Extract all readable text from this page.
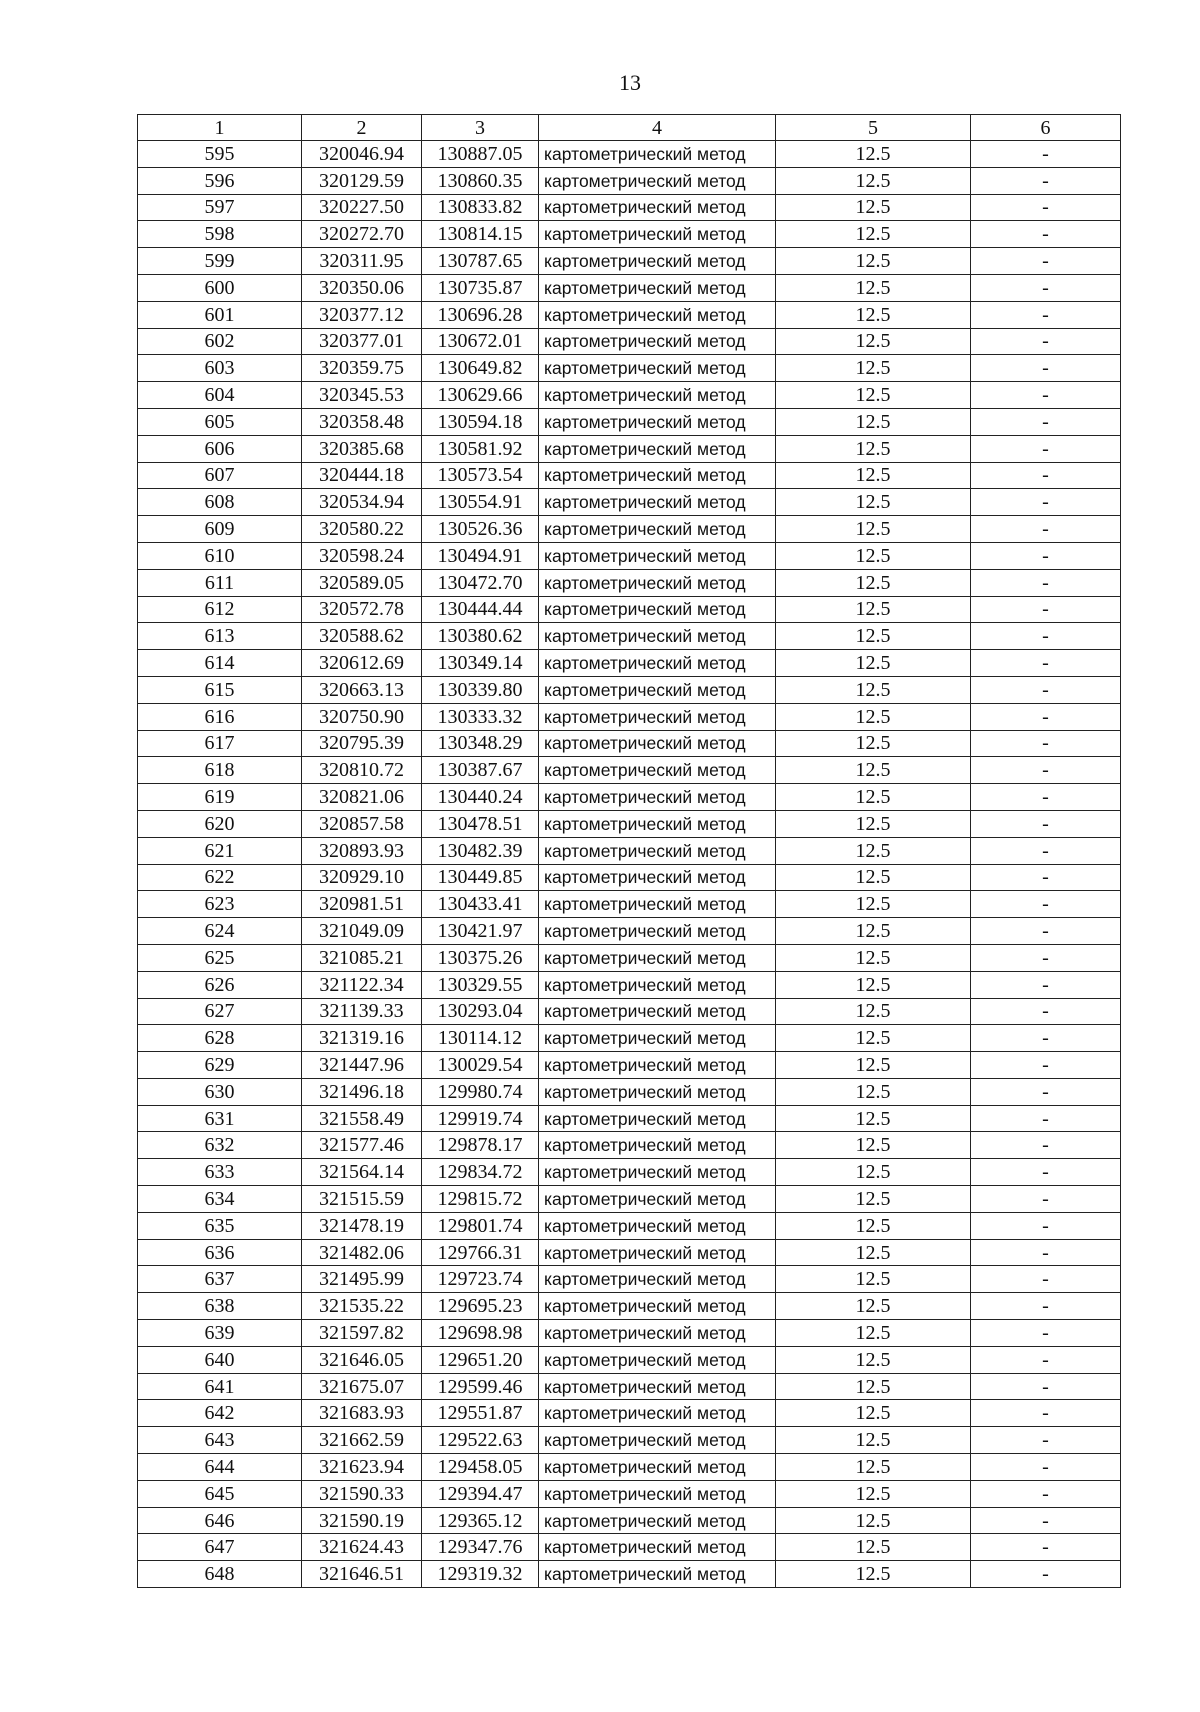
13
1	2	3	4	5	6
595	320046.94	130887.05	картометрический метод	12.5	-
596	320129.59	130860.35	картометрический метод	12.5	-
597	320227.50	130833.82	картометрический метод	12.5	-
598	320272.70	130814.15	картометрический метод	12.5	-
599	320311.95	130787.65	картометрический метод	12.5	-
600	320350.06	130735.87	картометрический метод	12.5	-
601	320377.12	130696.28	картометрический метод	12.5	-
602	320377.01	130672.01	картометрический метод	12.5	-
603	320359.75	130649.82	картометрический метод	12.5	-
604	320345.53	130629.66	картометрический метод	12.5	-
605	320358.48	130594.18	картометрический метод	12.5	-
606	320385.68	130581.92	картометрический метод	12.5	-
607	320444.18	130573.54	картометрический метод	12.5	-
608	320534.94	130554.91	картометрический метод	12.5	-
609	320580.22	130526.36	картометрический метод	12.5	-
610	320598.24	130494.91	картометрический метод	12.5	-
611	320589.05	130472.70	картометрический метод	12.5	-
612	320572.78	130444.44	картометрический метод	12.5	-
613	320588.62	130380.62	картометрический метод	12.5	-
614	320612.69	130349.14	картометрический метод	12.5	-
615	320663.13	130339.80	картометрический метод	12.5	-
616	320750.90	130333.32	картометрический метод	12.5	-
617	320795.39	130348.29	картометрический метод	12.5	-
618	320810.72	130387.67	картометрический метод	12.5	-
619	320821.06	130440.24	картометрический метод	12.5	-
620	320857.58	130478.51	картометрический метод	12.5	-
621	320893.93	130482.39	картометрический метод	12.5	-
622	320929.10	130449.85	картометрический метод	12.5	-
623	320981.51	130433.41	картометрический метод	12.5	-
624	321049.09	130421.97	картометрический метод	12.5	-
625	321085.21	130375.26	картометрический метод	12.5	-
626	321122.34	130329.55	картометрический метод	12.5	-
627	321139.33	130293.04	картометрический метод	12.5	-
628	321319.16	130114.12	картометрический метод	12.5	-
629	321447.96	130029.54	картометрический метод	12.5	-
630	321496.18	129980.74	картометрический метод	12.5	-
631	321558.49	129919.74	картометрический метод	12.5	-
632	321577.46	129878.17	картометрический метод	12.5	-
633	321564.14	129834.72	картометрический метод	12.5	-
634	321515.59	129815.72	картометрический метод	12.5	-
635	321478.19	129801.74	картометрический метод	12.5	-
636	321482.06	129766.31	картометрический метод	12.5	-
637	321495.99	129723.74	картометрический метод	12.5	-
638	321535.22	129695.23	картометрический метод	12.5	-
639	321597.82	129698.98	картометрический метод	12.5	-
640	321646.05	129651.20	картометрический метод	12.5	-
641	321675.07	129599.46	картометрический метод	12.5	-
642	321683.93	129551.87	картометрический метод	12.5	-
643	321662.59	129522.63	картометрический метод	12.5	-
644	321623.94	129458.05	картометрический метод	12.5	-
645	321590.33	129394.47	картометрический метод	12.5	-
646	321590.19	129365.12	картометрический метод	12.5	-
647	321624.43	129347.76	картометрический метод	12.5	-
648	321646.51	129319.32	картометрический метод	12.5	-
